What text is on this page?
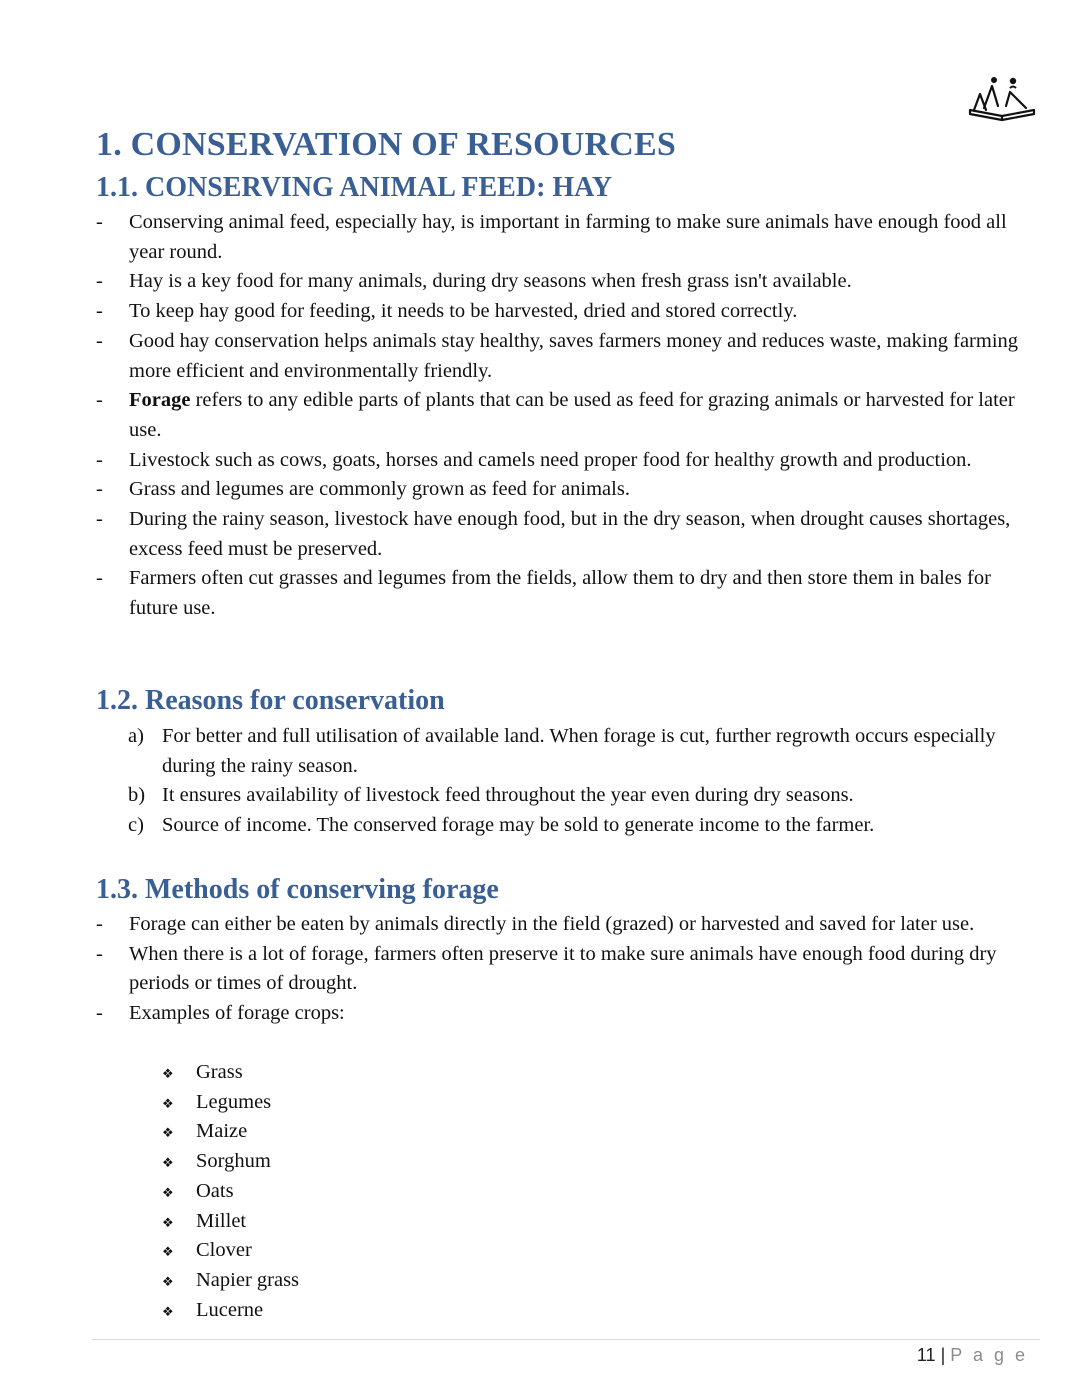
1. CONSERVATION OF RESOURCES
1.1. CONSERVING ANIMAL FEED: HAY
- Conserving animal feed, especially hay, is important in farming to make sure animals have enough food all year round.
- Hay is a key food for many animals, during dry seasons when fresh grass isn't available.
- To keep hay good for feeding, it needs to be harvested, dried and stored correctly.
- Good hay conservation helps animals stay healthy, saves farmers money and reduces waste, making farming more efficient and environmentally friendly.
- Forage refers to any edible parts of plants that can be used as feed for grazing animals or harvested for later use.
- Livestock such as cows, goats, horses and camels need proper food for healthy growth and production.
- Grass and legumes are commonly grown as feed for animals.
- During the rainy season, livestock have enough food, but in the dry season, when drought causes shortages, excess feed must be preserved.
- Farmers often cut grasses and legumes from the fields, allow them to dry and then store them in bales for future use.
1.2. Reasons for conservation
a) For better and full utilisation of available land. When forage is cut, further regrowth occurs especially during the rainy season.
b) It ensures availability of livestock feed throughout the year even during dry seasons.
c) Source of income. The conserved forage may be sold to generate income to the farmer.
1.3. Methods of conserving forage
- Forage can either be eaten by animals directly in the field (grazed) or harvested and saved for later use.
- When there is a lot of forage, farmers often preserve it to make sure animals have enough food during dry periods or times of drought.
- Examples of forage crops:
❖ Grass
❖ Legumes
❖ Maize
❖ Sorghum
❖ Oats
❖ Millet
❖ Clover
❖ Napier grass
❖ Lucerne
11 | P a g e
